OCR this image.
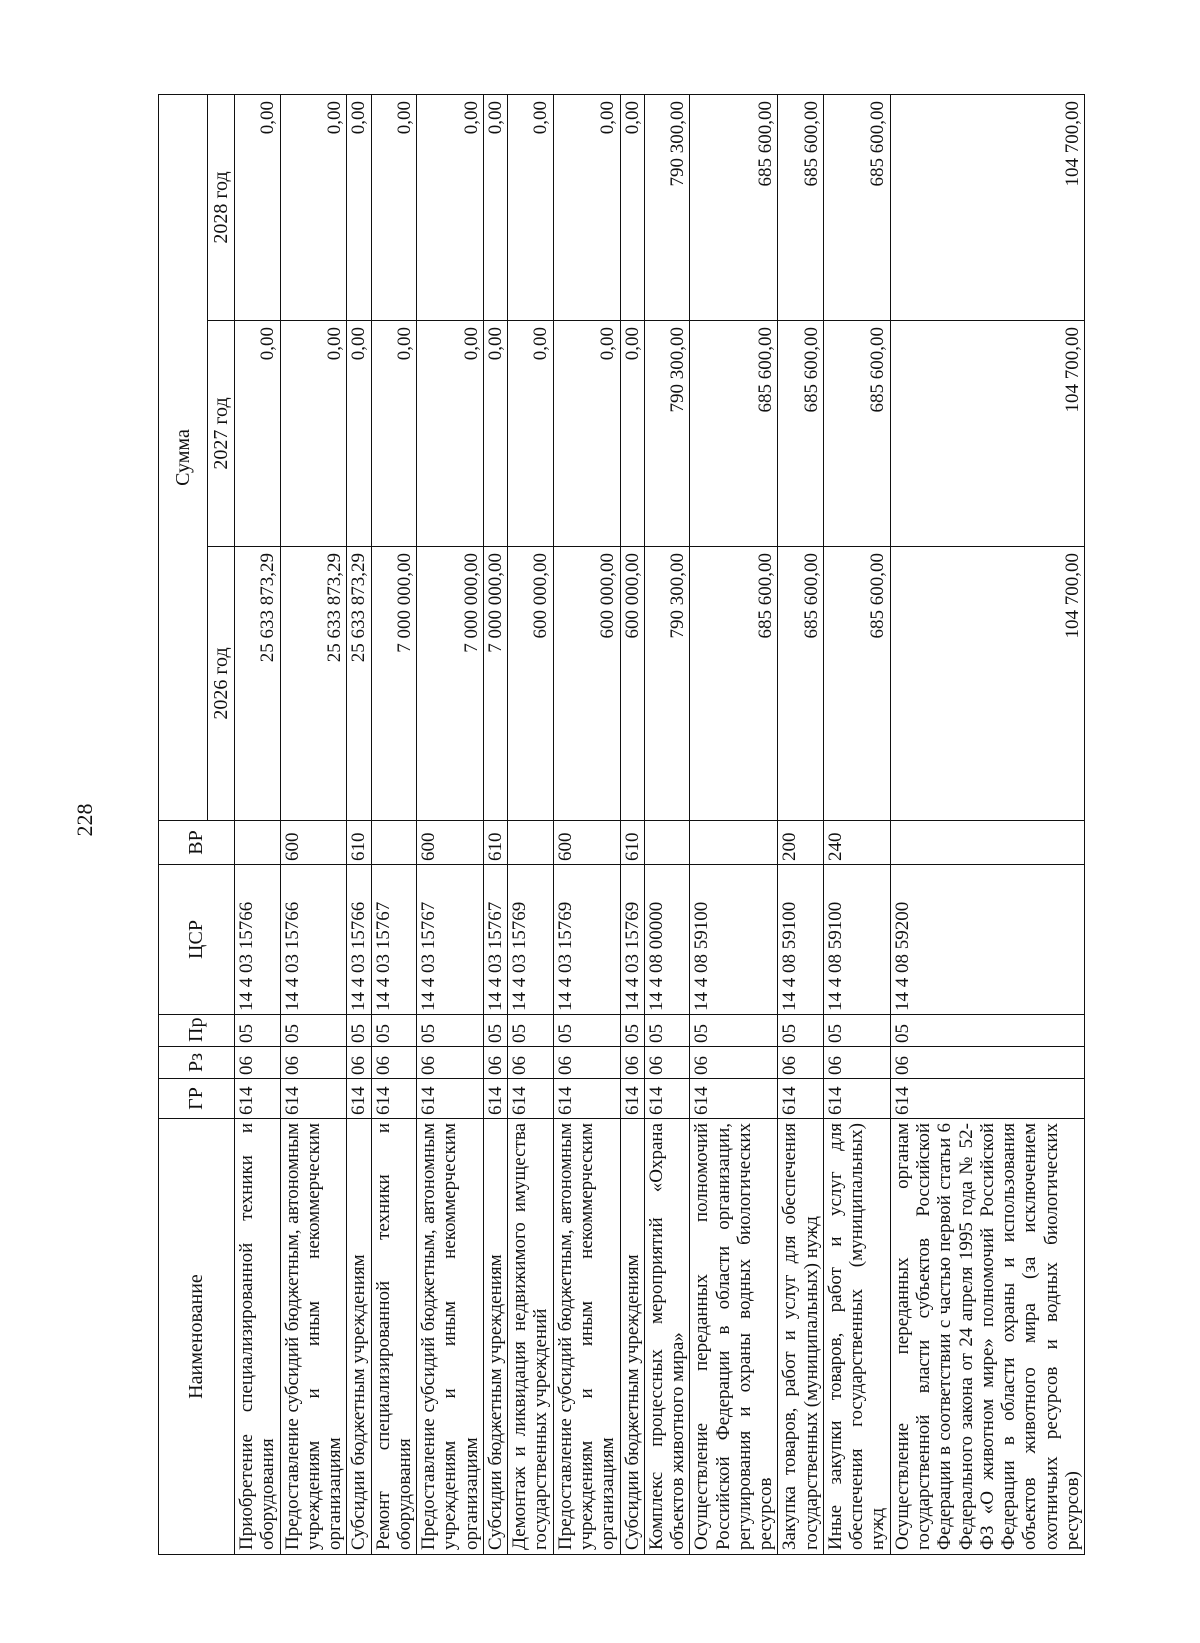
228
Наименование	ГР	Рз	Пр	ЦСР	ВР	Сумма		
						2026 год	2027 год	2028 год
Приобретение специализированной техники и оборудования	614	06	05	14 4 03 15766		25 633 873,29	0,00	0,00
Предоставление субсидий бюджетным, автономным учреждениям и иным некоммерческим организациям	614	06	05	14 4 03 15766	600	25 633 873,29	0,00	0,00
Субсидии бюджетным учреждениям	614	06	05	14 4 03 15766	610	25 633 873,29	0,00	0,00
Ремонт специализированной техники и оборудования	614	06	05	14 4 03 15767		7 000 000,00	0,00	0,00
Предоставление субсидий бюджетным, автономным учреждениям и иным некоммерческим организациям	614	06	05	14 4 03 15767	600	7 000 000,00	0,00	0,00
Субсидии бюджетным учреждениям	614	06	05	14 4 03 15767	610	7 000 000,00	0,00	0,00
Демонтаж и ликвидация недвижимого имущества государственных учреждений	614	06	05	14 4 03 15769		600 000,00	0,00	0,00
Предоставление субсидий бюджетным, автономным учреждениям и иным некоммерческим организациям	614	06	05	14 4 03 15769	600	600 000,00	0,00	0,00
Субсидии бюджетным учреждениям	614	06	05	14 4 03 15769	610	600 000,00	0,00	0,00
Комплекс процессных мероприятий «Охрана объектов животного мира»	614	06	05	14 4 08 00000		790 300,00	790 300,00	790 300,00
Осуществление переданных полномочий Российской Федерации в области организации, регулирования и охраны водных биологических ресурсов	614	06	05	14 4 08 59100		685 600,00	685 600,00	685 600,00
Закупка товаров, работ и услуг для обеспечения государственных (муниципальных) нужд	614	06	05	14 4 08 59100	200	685 600,00	685 600,00	685 600,00
Иные закупки товаров, работ и услуг для обеспечения государственных (муниципальных) нужд	614	06	05	14 4 08 59100	240	685 600,00	685 600,00	685 600,00
Осуществление переданных органам государственной власти субъектов Российской Федерации в соответствии с частью первой статьи 6 Федерального закона от 24 апреля 1995 года № 52-ФЗ «О животном мире» полномочий Российской Федерации в области охраны и использования объектов животного мира (за исключением охотничьих ресурсов и водных биологических ресурсов)	614	06	05	14 4 08 59200		104 700,00	104 700,00	104 700,00
